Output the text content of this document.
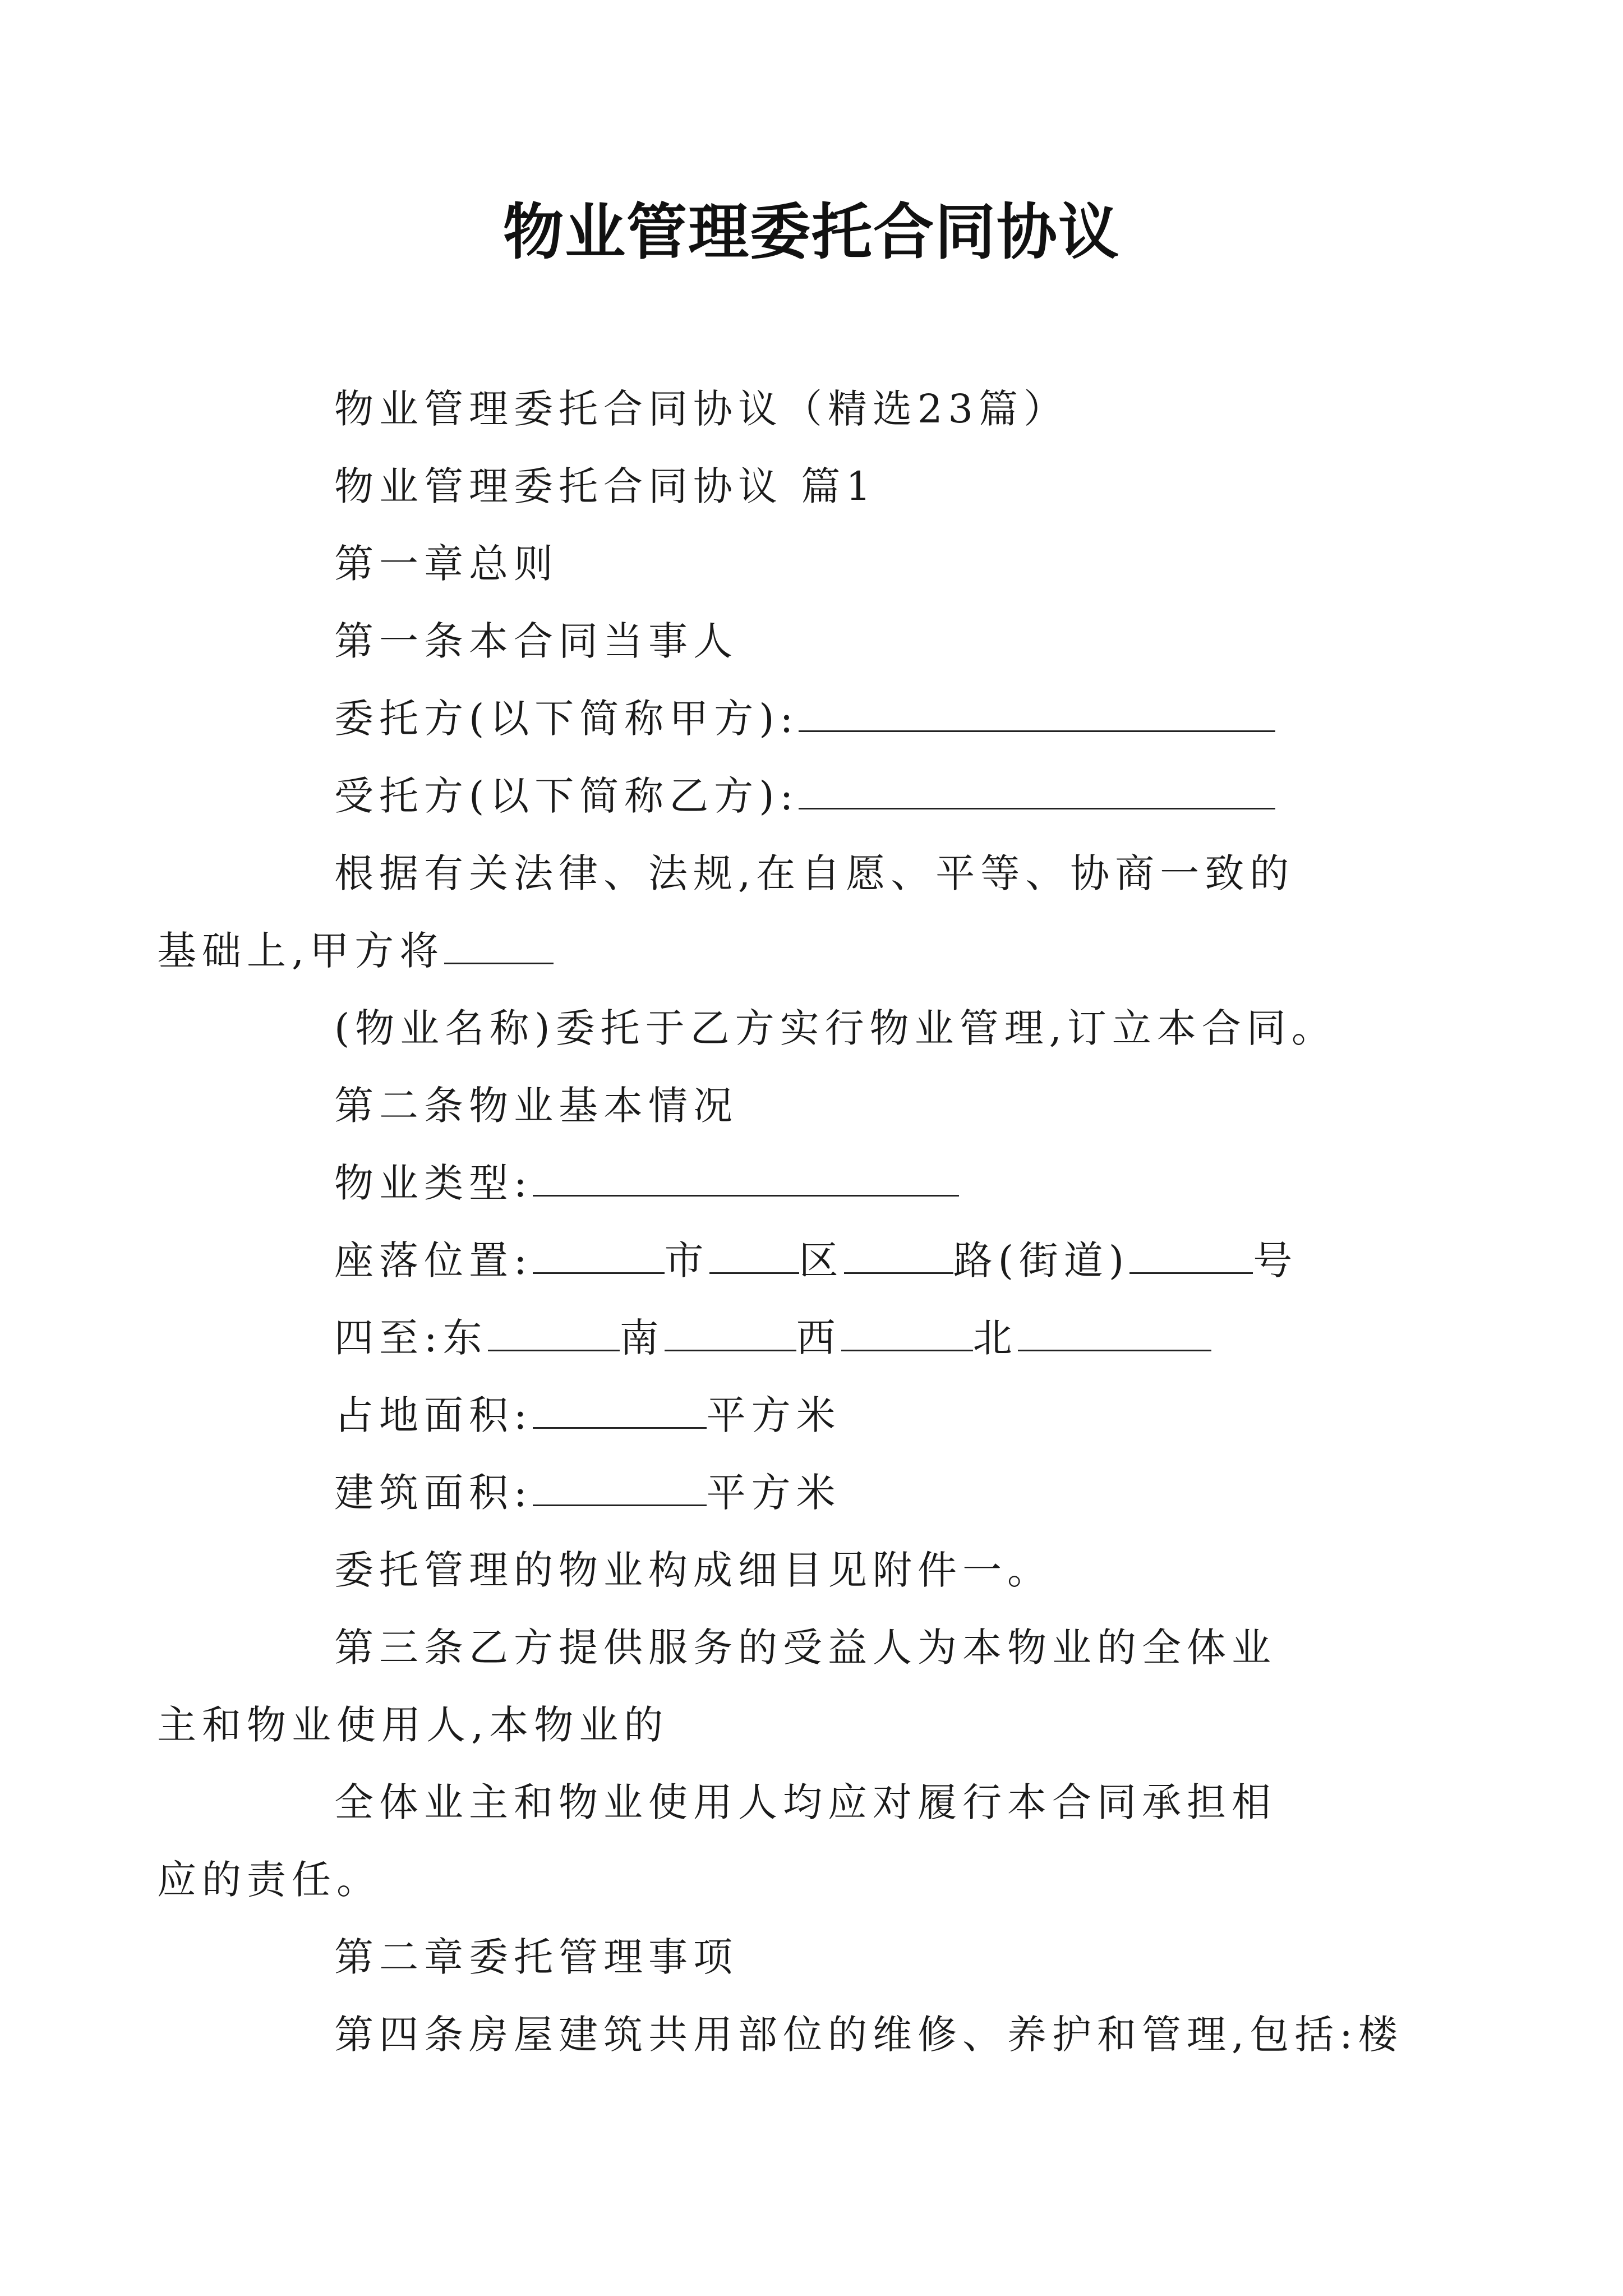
物业管理委托合同协议

物业管理委托合同协议（精选23篇）

物业管理委托合同协议 篇1

第一章总则

第一条本合同当事人

委托方(以下简称甲方):

受托方(以下简称乙方):

根据有关法律、法规,在自愿、平等、协商一致的基础上,甲方将

(物业名称)委托于乙方实行物业管理,订立本合同。

第二条物业基本情况

物业类型:

座落位置:	市 区	路(街道)	号

四至:东	南	西	北

占地面积:	平方米

建筑面积:	平方米

委托管理的物业构成细目见附件一。

第三条乙方提供服务的受益人为本物业的全体业主和物业使用人,本物业的

全体业主和物业使用人均应对履行本合同承担相应的责任。

第二章委托管理事项

第四条房屋建筑共用部位的维修、养护和管理,包括:楼
